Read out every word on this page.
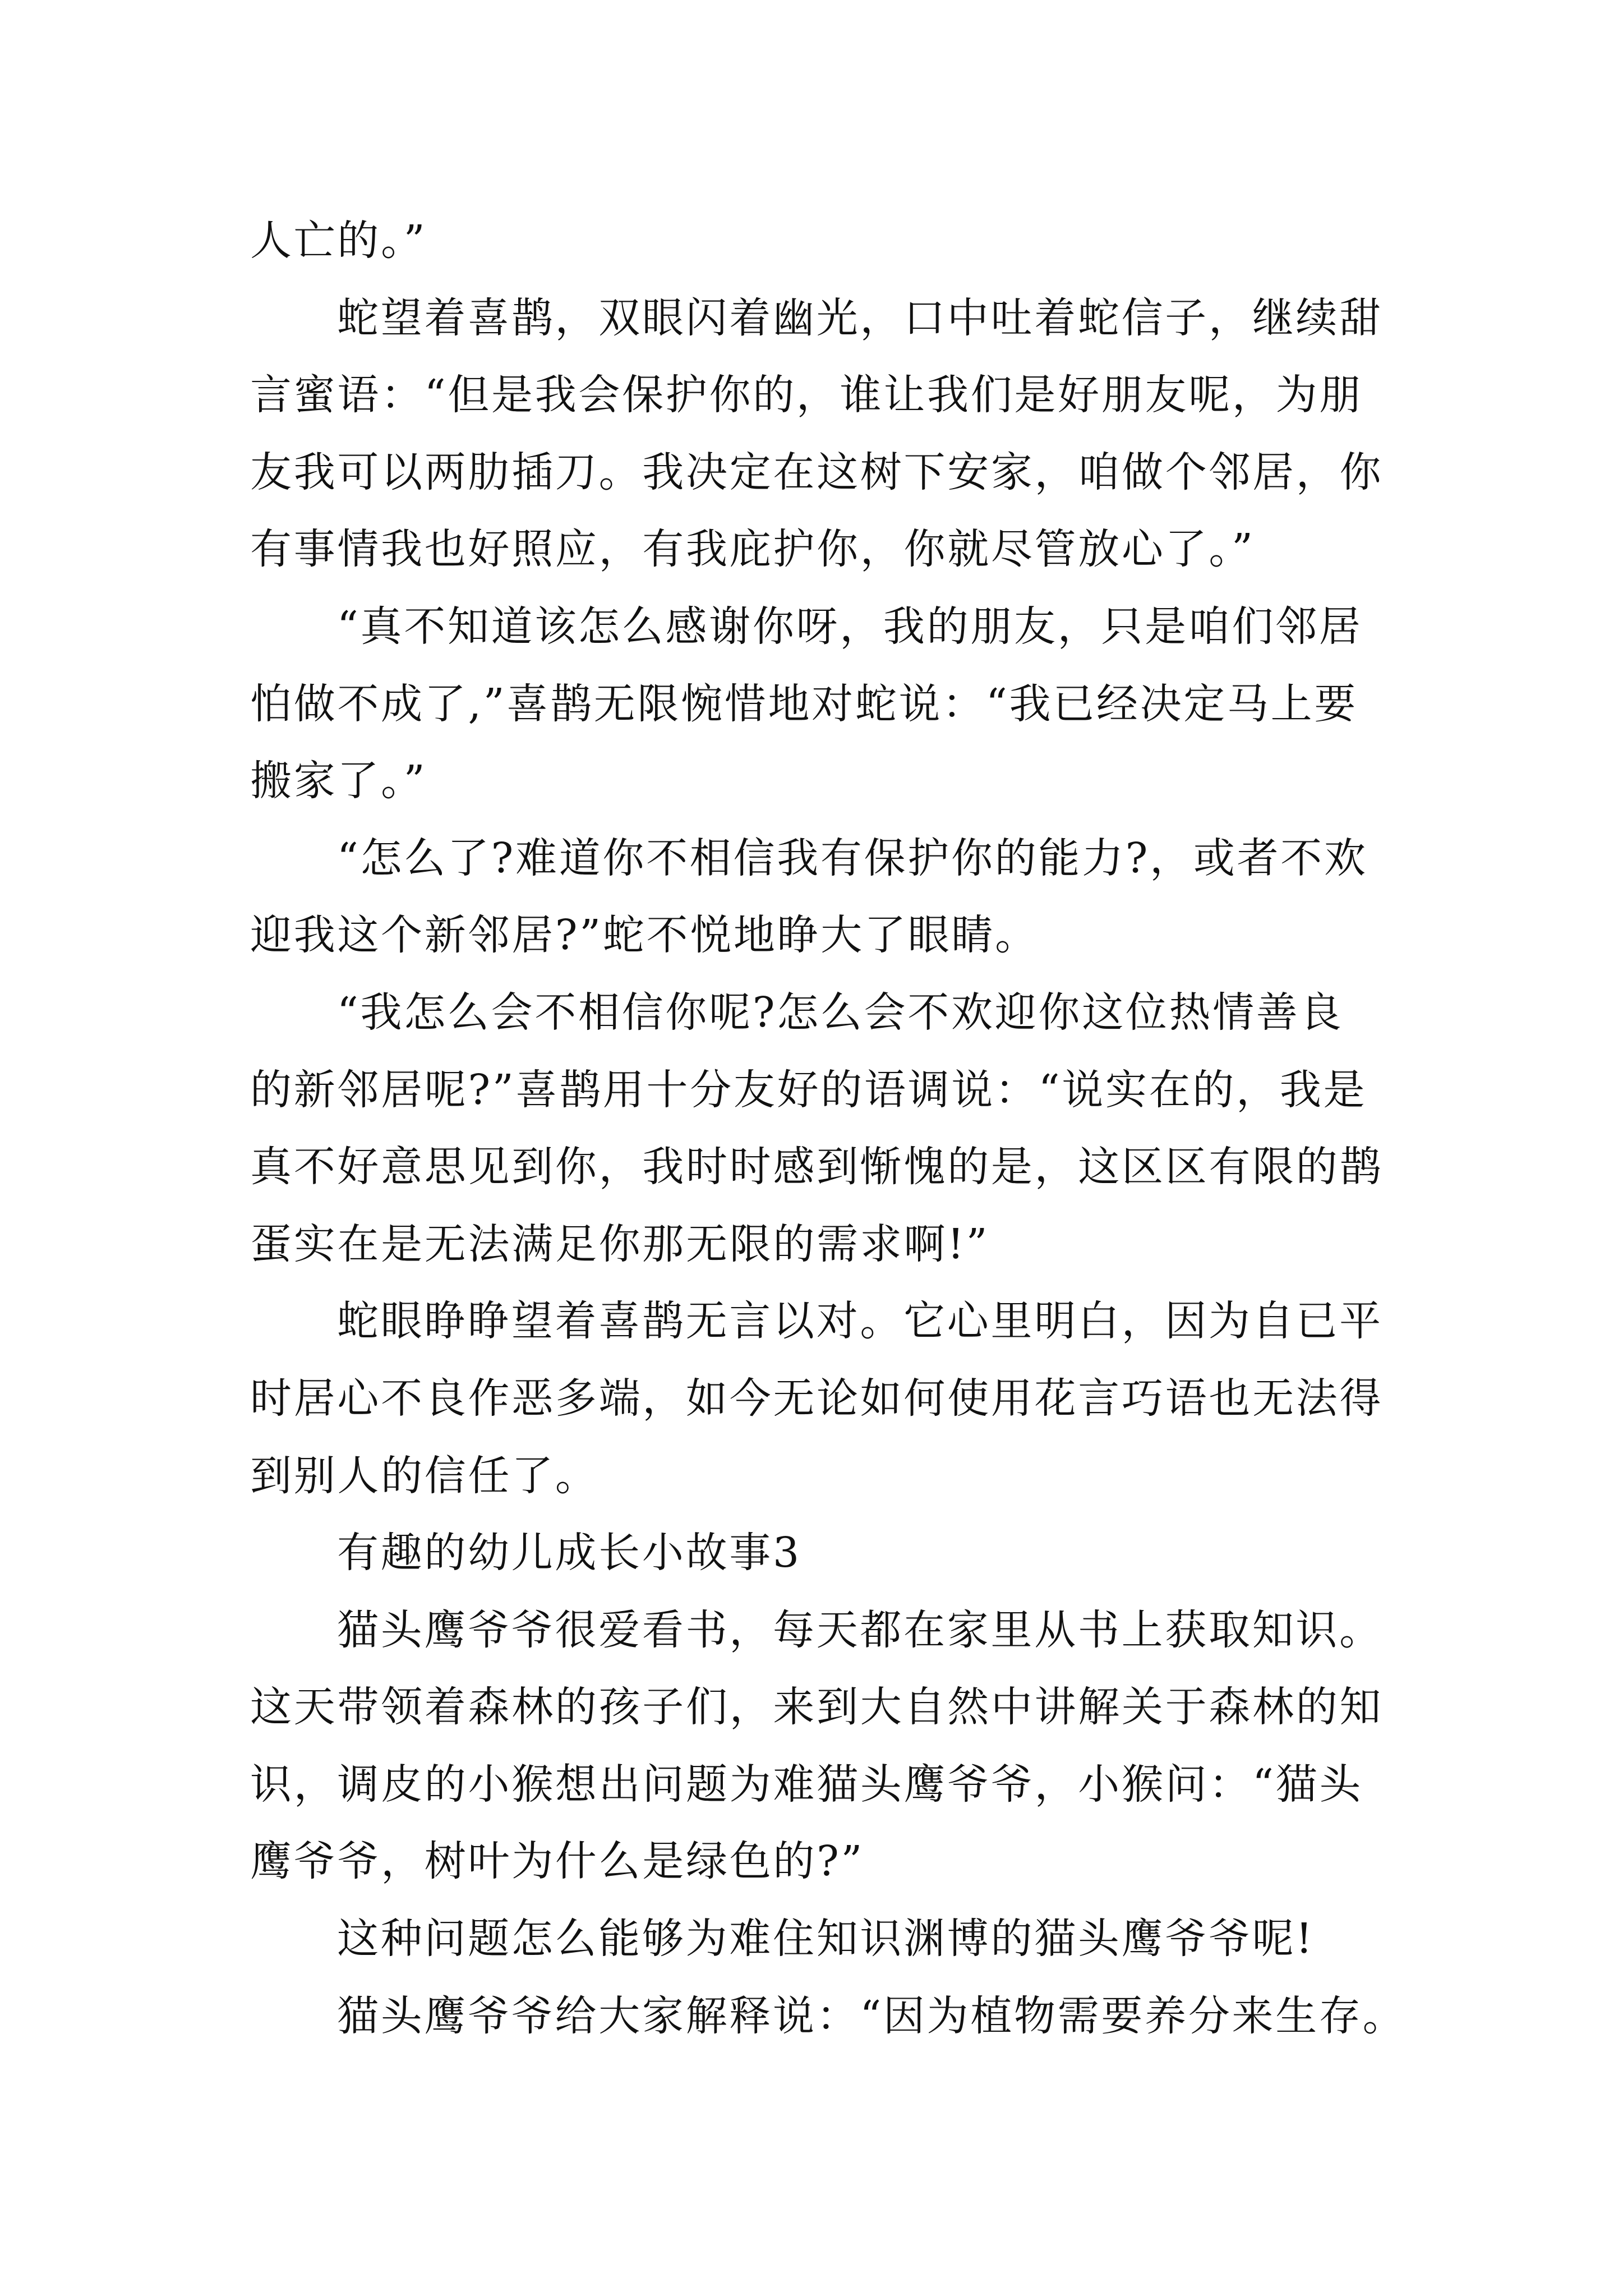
人亡的。”
蛇望着喜鹊，双眼闪着幽光，口中吐着蛇信子，继续甜
言蜜语：“但是我会保护你的，谁让我们是好朋友呢，为朋
友我可以两肋插刀。我决定在这树下安家，咱做个邻居，你
有事情我也好照应，有我庇护你，你就尽管放心了。”
“真不知道该怎么感谢你呀，我的朋友，只是咱们邻居
怕做不成了,”喜鹊无限惋惜地对蛇说：“我已经决定马上要
搬家了。”
“怎么了?难道你不相信我有保护你的能力?，或者不欢
迎我这个新邻居?”蛇不悦地睁大了眼睛。
“我怎么会不相信你呢?怎么会不欢迎你这位热情善良
的新邻居呢?”喜鹊用十分友好的语调说：“说实在的，我是
真不好意思见到你，我时时感到惭愧的是，这区区有限的鹊
蛋实在是无法满足你那无限的需求啊!”
蛇眼睁睁望着喜鹊无言以对。它心里明白，因为自已平
时居心不良作恶多端，如今无论如何使用花言巧语也无法得
到别人的信任了。
有趣的幼儿成长小故事3
猫头鹰爷爷很爱看书，每天都在家里从书上获取知识。
这天带领着森林的孩子们，来到大自然中讲解关于森林的知
识，调皮的小猴想出问题为难猫头鹰爷爷，小猴问：“猫头
鹰爷爷，树叶为什么是绿色的?”
这种问题怎么能够为难住知识渊博的猫头鹰爷爷呢!
猫头鹰爷爷给大家解释说：“因为植物需要养分来生存。
